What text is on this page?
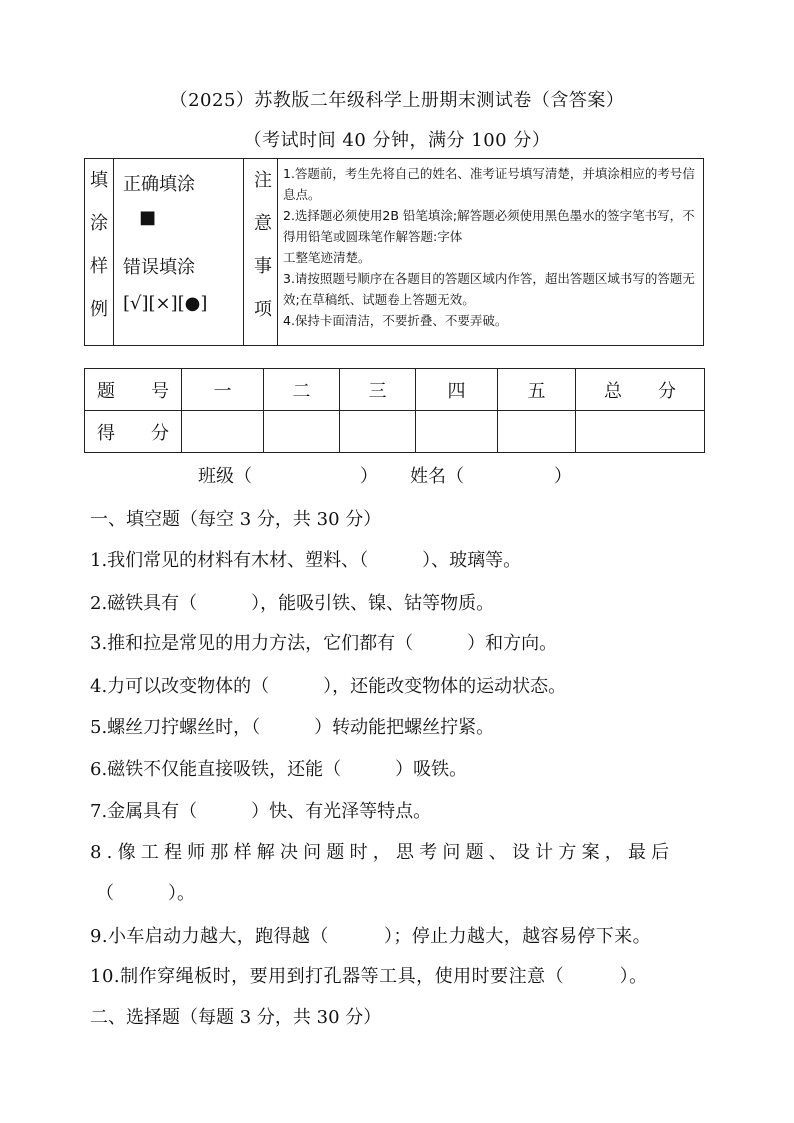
（2025）苏教版二年级科学上册期末测试卷（含答案）
（考试时间 40 分钟，满分 100 分）
填
涂
样
例
正确填涂
■
错误填涂
[√][×][●]
注
意
事
项
1.答题前，考生先将自己的姓名、准考证号填写清楚，并填涂相应的考号信息点。
2.选择题必须使用2B 铅笔填涂;解答题必须使用黑色墨水的签字笔书写，不得用铅笔或圆珠笔作解答题:字体
工整笔迹清楚。
3.请按照题号顺序在各题目的答题区域内作答，超出答题区域书写的答题无效;在草稿纸、试题卷上答题无效。
4.保持卡面清洁，不要折叠、不要弄破。
题　　号	一	二	三	四	五	总　　分
得　　分						
班级（　　　　　　） 姓名（　　　　　）
一、填空题（每空 3 分，共 30 分）
1.我们常见的材料有木材、塑料、（　　　）、玻璃等。
2.磁铁具有（　　　），能吸引铁、镍、钴等物质。
3.推和拉是常见的用力方法，它们都有（　　　）和方向。
4.力可以改变物体的（　　　），还能改变物体的运动状态。
5.螺丝刀拧螺丝时，（　　　）转动能把螺丝拧紧。
6.磁铁不仅能直接吸铁，还能（　　　）吸铁。
7.金属具有（　　　）快、有光泽等特点。
8.像工程师那样解决问题时，思考问题、设计方案，最后
（　　　）。
9.小车启动力越大，跑得越（　　　）；停止力越大，越容易停下来。
10.制作穿绳板时，要用到打孔器等工具，使用时要注意（　　　）。
二、选择题（每题 3 分，共 30 分）
